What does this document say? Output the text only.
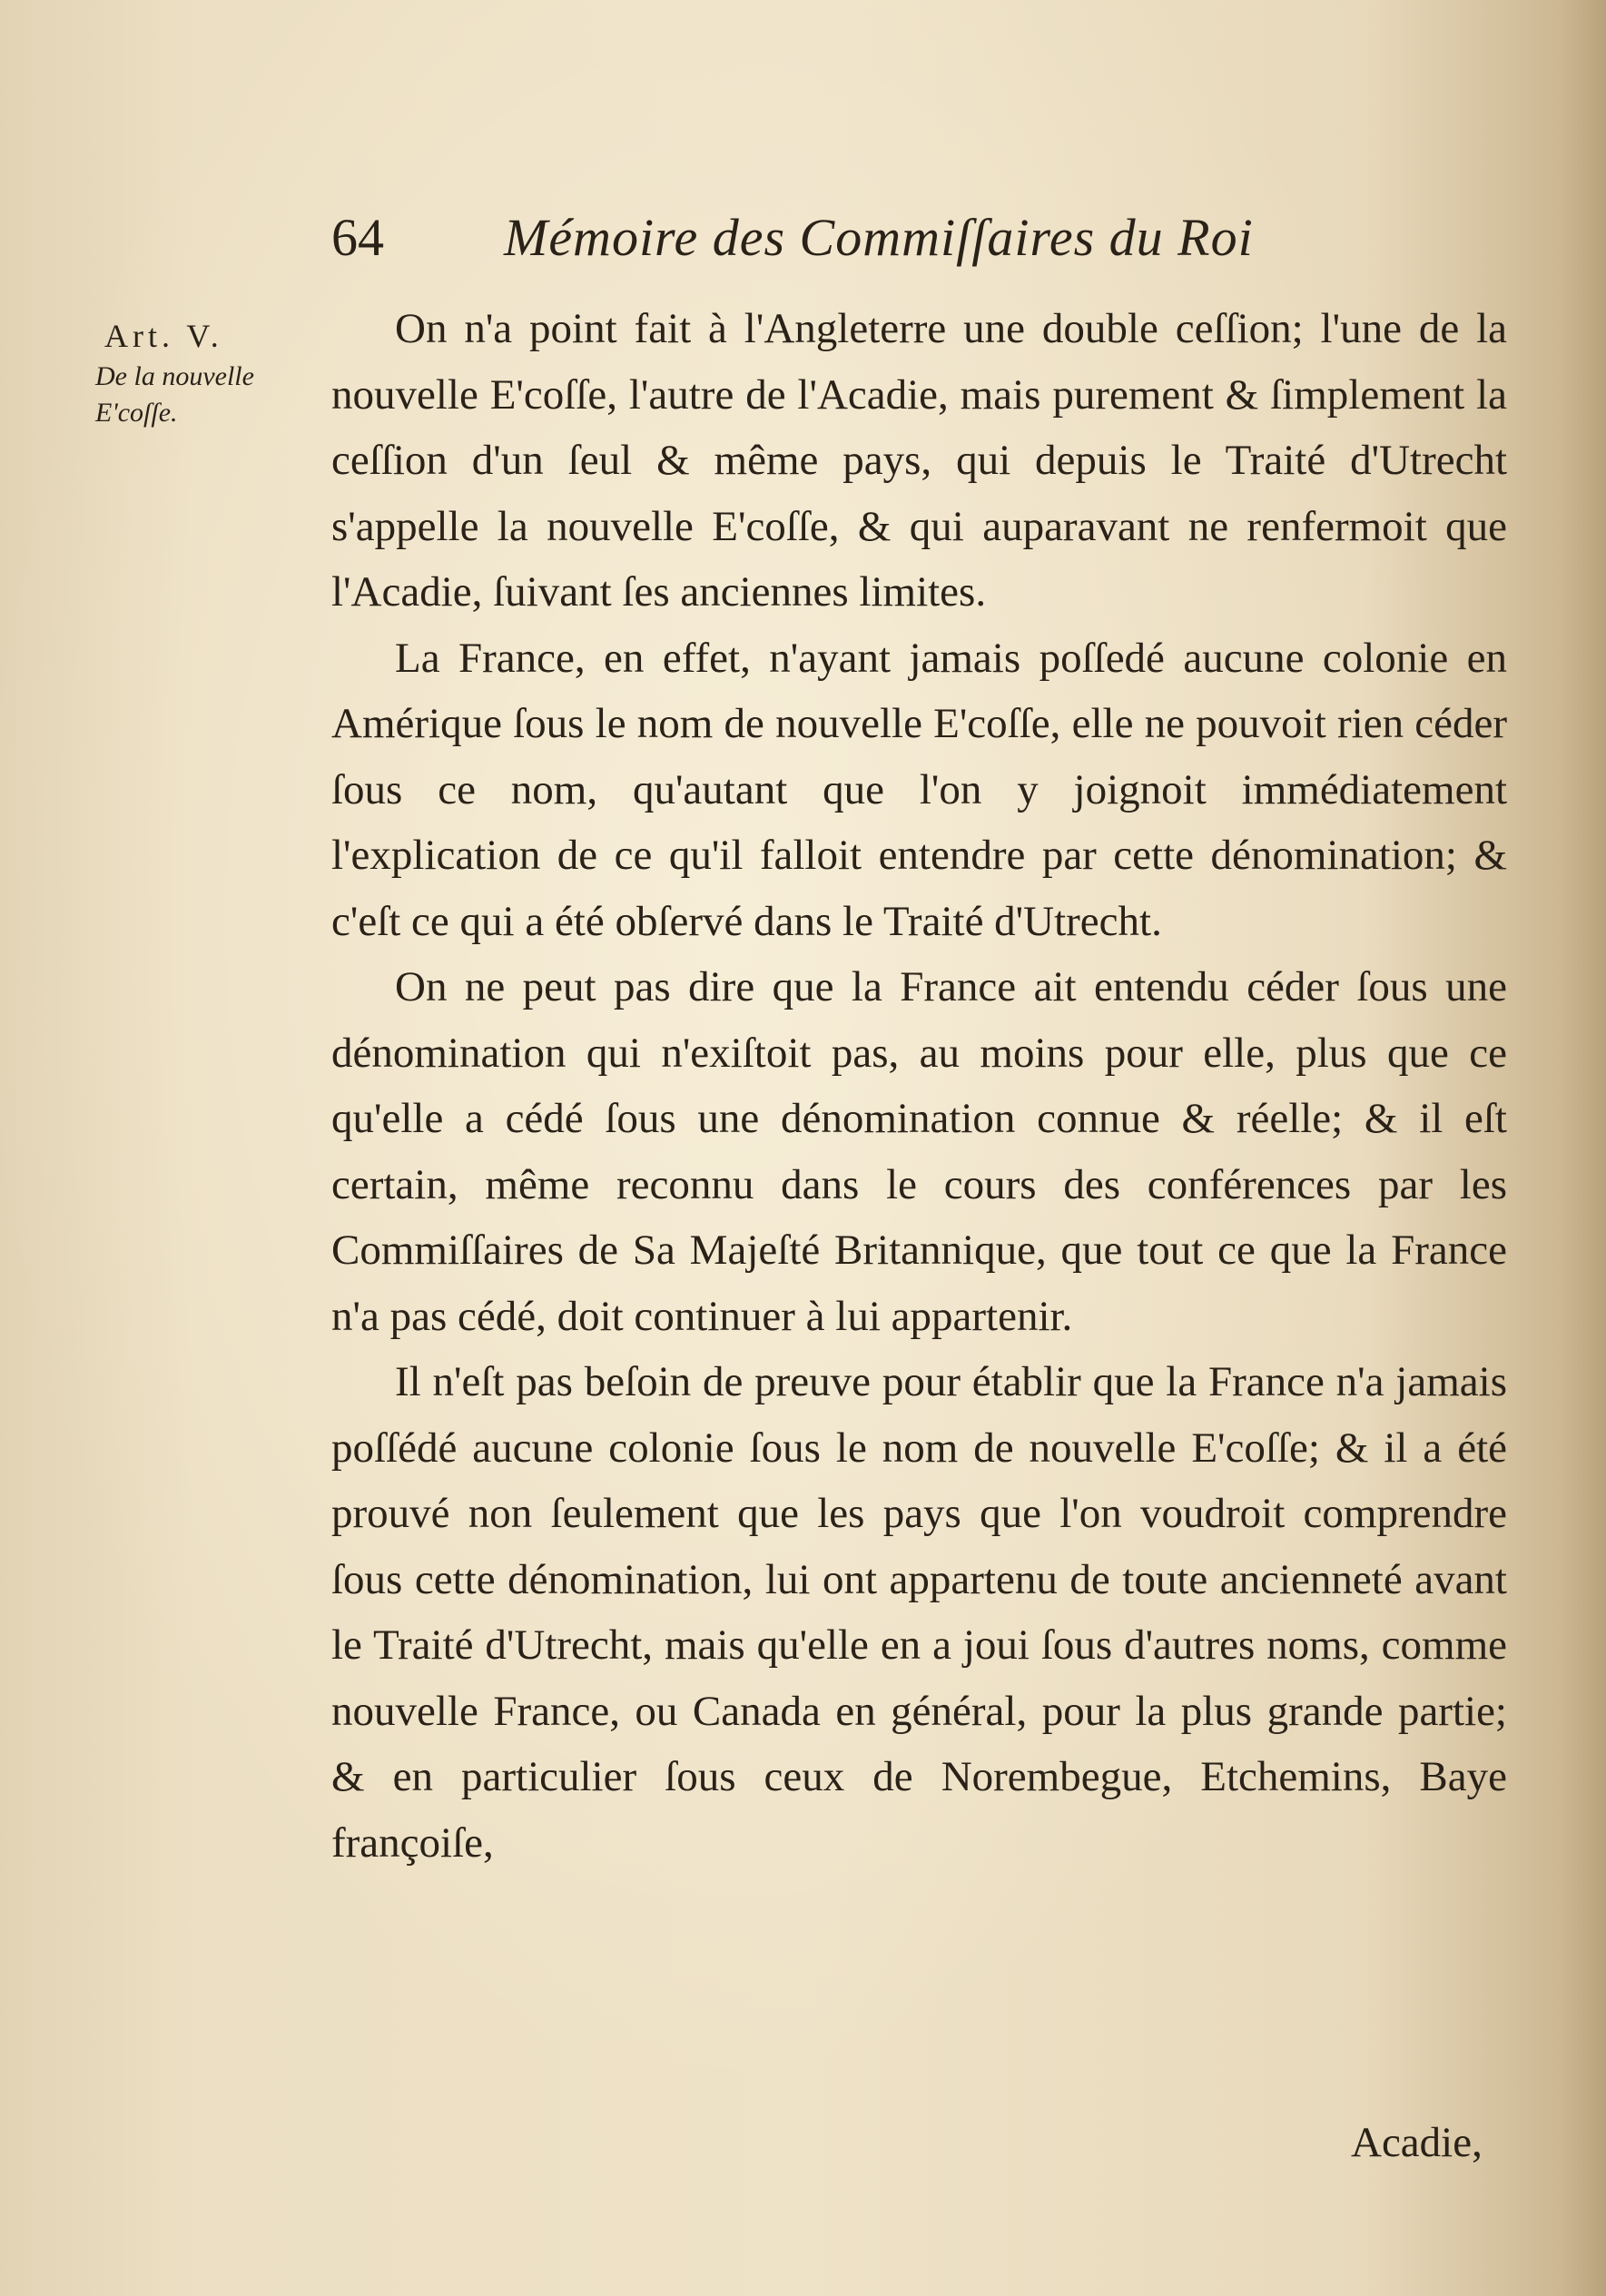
64 Mémoire des Commiſſaires du Roi
Art. V.
De la nouvelle
E'coſſe.

On n'a point fait à l'Angleterre une double ceſſion; l'une de la nouvelle E'coſſe, l'autre de l'Acadie, mais purement & ſimplement la ceſſion d'un ſeul & même pays, qui depuis le Traité d'Utrecht s'appelle la nouvelle E'coſſe, & qui auparavant ne renfermoit que l'Acadie, ſuivant ſes anciennes limites.

La France, en effet, n'ayant jamais poſſedé aucune colonie en Amérique ſous le nom de nouvelle E'coſſe, elle ne pouvoit rien céder ſous ce nom, qu'autant que l'on y joignoit immédiatement l'explication de ce qu'il falloit entendre par cette dénomination; & c'eſt ce qui a été obſervé dans le Traité d'Utrecht.

On ne peut pas dire que la France ait entendu céder ſous une dénomination qui n'exiſtoit pas, au moins pour elle, plus que ce qu'elle a cédé ſous une dénomination connue & réelle; & il eſt certain, même reconnu dans le cours des conférences par les Commiſſaires de Sa Majeſté Britannique, que tout ce que la France n'a pas cédé, doit continuer à lui appartenir.

Il n'eſt pas beſoin de preuve pour établir que la France n'a jamais poſſédé aucune colonie ſous le nom de nouvelle E'coſſe; & il a été prouvé non ſeulement que les pays que l'on voudroit comprendre ſous cette dénomination, lui ont appartenu de toute ancienneté avant le Traité d'Utrecht, mais qu'elle en a joui ſous d'autres noms, comme nouvelle France, ou Canada en général, pour la plus grande partie; & en particulier ſous ceux de Norembegue, Etchemins, Baye françoiſe,

Acadie,
